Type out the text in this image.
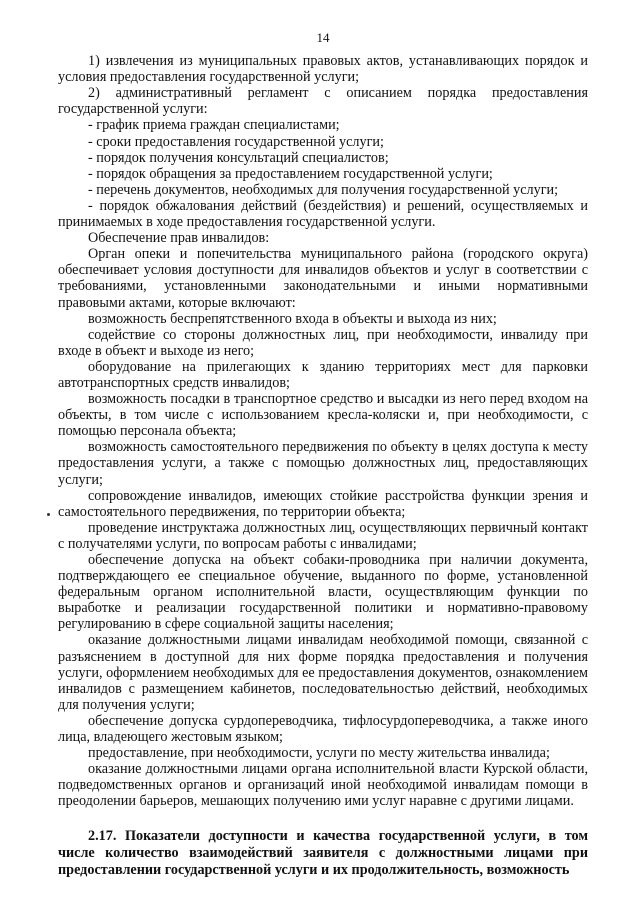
14

1) извлечения из муниципальных правовых актов, устанавливающих порядок и условия предоставления государственной услуги;

2) административный регламент с описанием порядка предоставления государственной услуги:

- график приема граждан специалистами;

- сроки предоставления государственной услуги;

- порядок получения консультаций специалистов;

- порядок обращения за предоставлением государственной услуги;

- перечень документов, необходимых для получения государственной услуги;

- порядок обжалования действий (бездействия) и решений, осуществляемых и принимаемых в ходе предоставления государственной услуги.

Обеспечение прав инвалидов:

Орган опеки и попечительства муниципального района (городского округа) обеспечивает условия доступности для инвалидов объектов и услуг в соответствии с требованиями, установленными законодательными и иными нормативными правовыми актами, которые включают:

возможность беспрепятственного входа в объекты и выхода из них;

содействие со стороны должностных лиц, при необходимости, инвалиду при входе в объект и выходе из него;

оборудование на прилегающих к зданию территориях мест для парковки автотранспортных средств инвалидов;

возможность посадки в транспортное средство и высадки из него перед входом на объекты, в том числе с использованием кресла-коляски и, при необходимости, с помощью персонала объекта;

возможность самостоятельного передвижения по объекту в целях доступа к месту предоставления услуги, а также с помощью должностных лиц, предоставляющих услуги;

сопровождение инвалидов, имеющих стойкие расстройства функции зрения и самостоятельного передвижения, по территории объекта;

проведение инструктажа должностных лиц, осуществляющих первичный контакт с получателями услуги, по вопросам работы с инвалидами;

обеспечение допуска на объект собаки-проводника при наличии документа, подтверждающего ее специальное обучение, выданного по форме, установленной федеральным органом исполнительной власти, осуществляющим функции по выработке и реализации государственной политики и нормативно-правовому регулированию в сфере социальной защиты населения;

оказание должностными лицами инвалидам необходимой помощи, связанной с разъяснением в доступной для них форме порядка предоставления и получения услуги, оформлением необходимых для ее предоставления документов, ознакомлением инвалидов с размещением кабинетов, последовательностью действий, необходимых для получения услуги;

обеспечение допуска сурдопереводчика, тифлосурдопереводчика, а также иного лица, владеющего жестовым языком;

предоставление, при необходимости, услуги по месту жительства инвалида;

оказание должностными лицами органа исполнительной власти Курской области, подведомственных органов и организаций иной необходимой инвалидам помощи в преодолении барьеров, мешающих получению ими услуг наравне с другими лицами.

2.17. Показатели доступности и качества государственной услуги, в том числе количество взаимодействий заявителя с должностными лицами при предоставлении государственной услуги и их продолжительность, возможность
